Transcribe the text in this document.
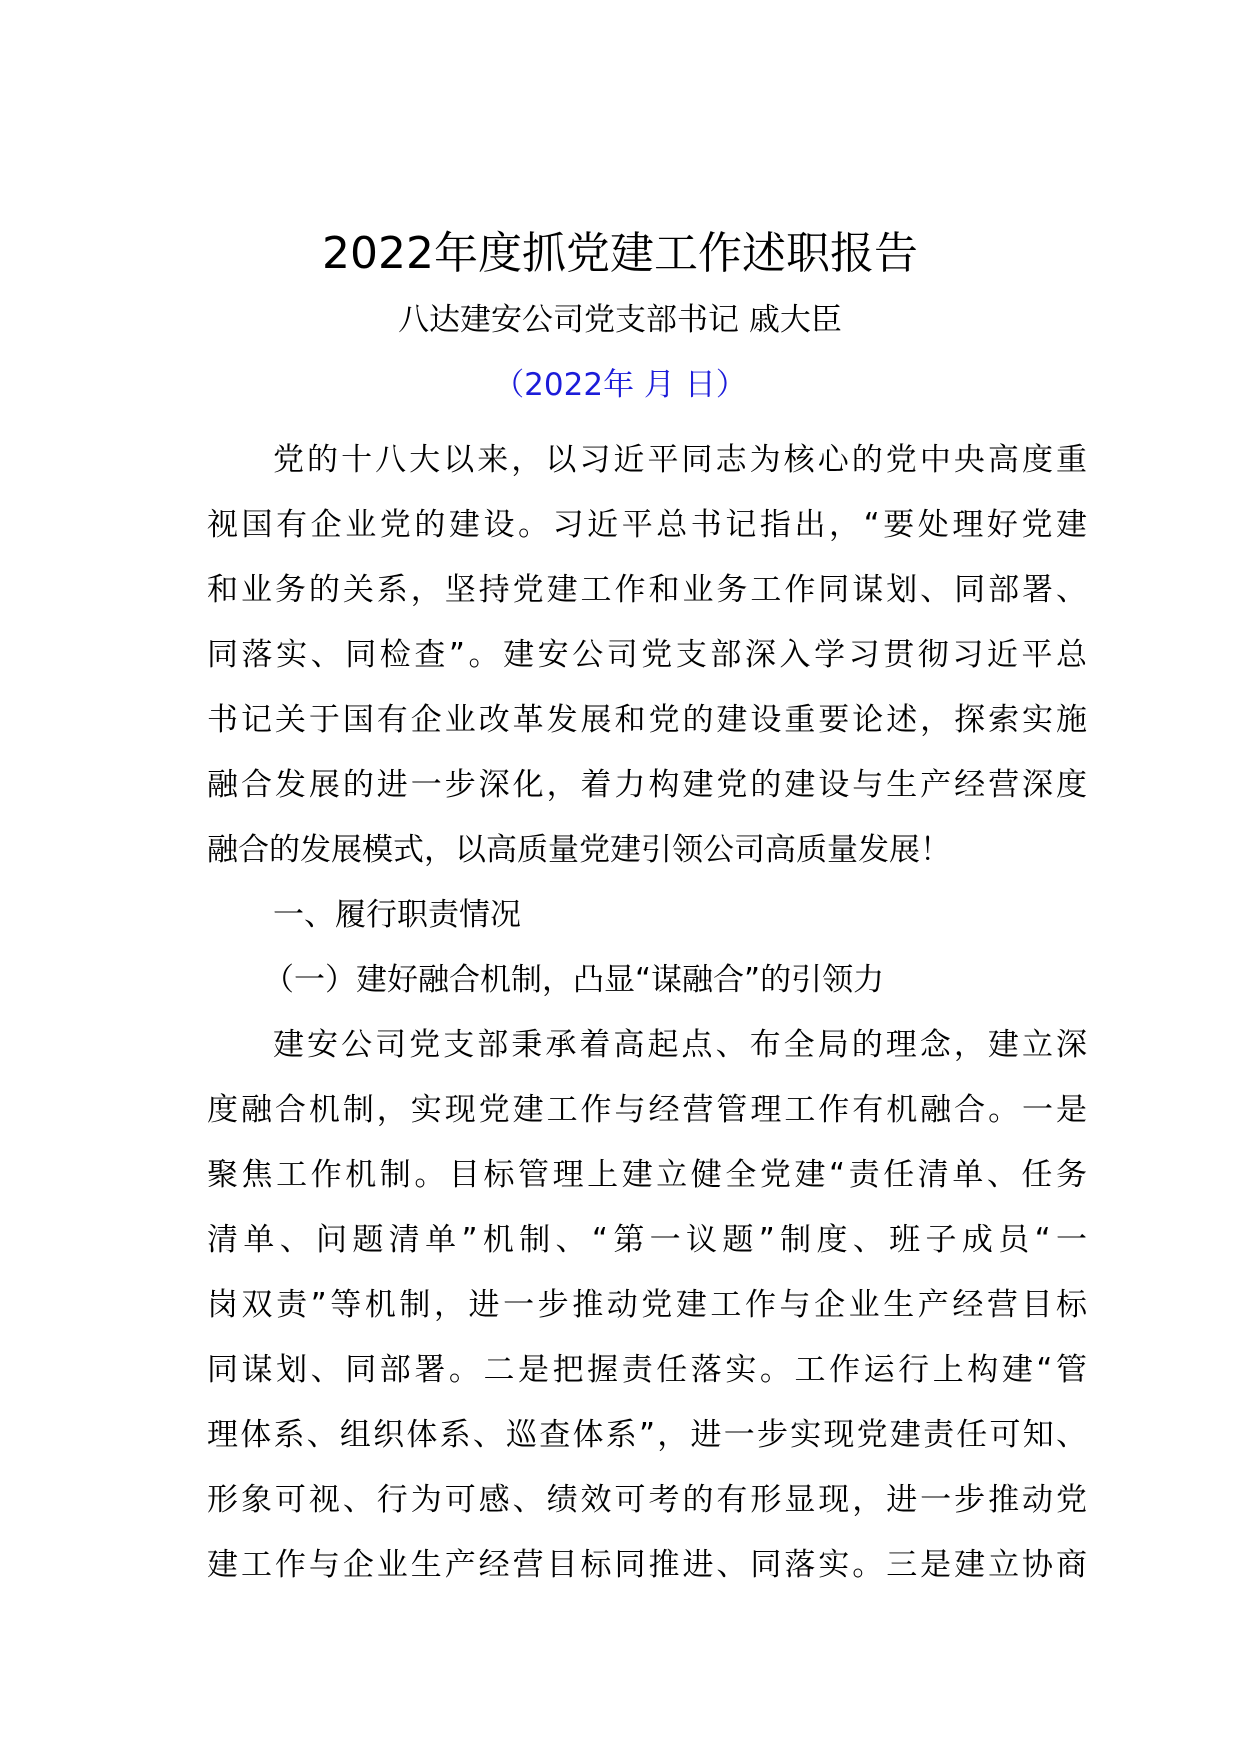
2022年度抓党建工作述职报告
八达建安公司党支部书记 戚大臣
（2022年 月 日）
党的十八大以来，以习近平同志为核心的党中央高度重
视国有企业党的建设。习近平总书记指出，“要处理好党建
和业务的关系，坚持党建工作和业务工作同谋划、同部署、
同落实、同检查”。建安公司党支部深入学习贯彻习近平总
书记关于国有企业改革发展和党的建设重要论述，探索实施
融合发展的进一步深化，着力构建党的建设与生产经营深度
融合的发展模式，以高质量党建引领公司高质量发展！
一、履行职责情况
（一）建好融合机制，凸显“谋融合”的引领力
建安公司党支部秉承着高起点、布全局的理念，建立深
度融合机制，实现党建工作与经营管理工作有机融合。一是
聚焦工作机制。目标管理上建立健全党建“责任清单、任务
清单、问题清单”机制、“第一议题”制度、班子成员“一
岗双责”等机制，进一步推动党建工作与企业生产经营目标
同谋划、同部署。二是把握责任落实。工作运行上构建“管
理体系、组织体系、巡查体系”，进一步实现党建责任可知、
形象可视、行为可感、绩效可考的有形显现，进一步推动党
建工作与企业生产经营目标同推进、同落实。三是建立协商
